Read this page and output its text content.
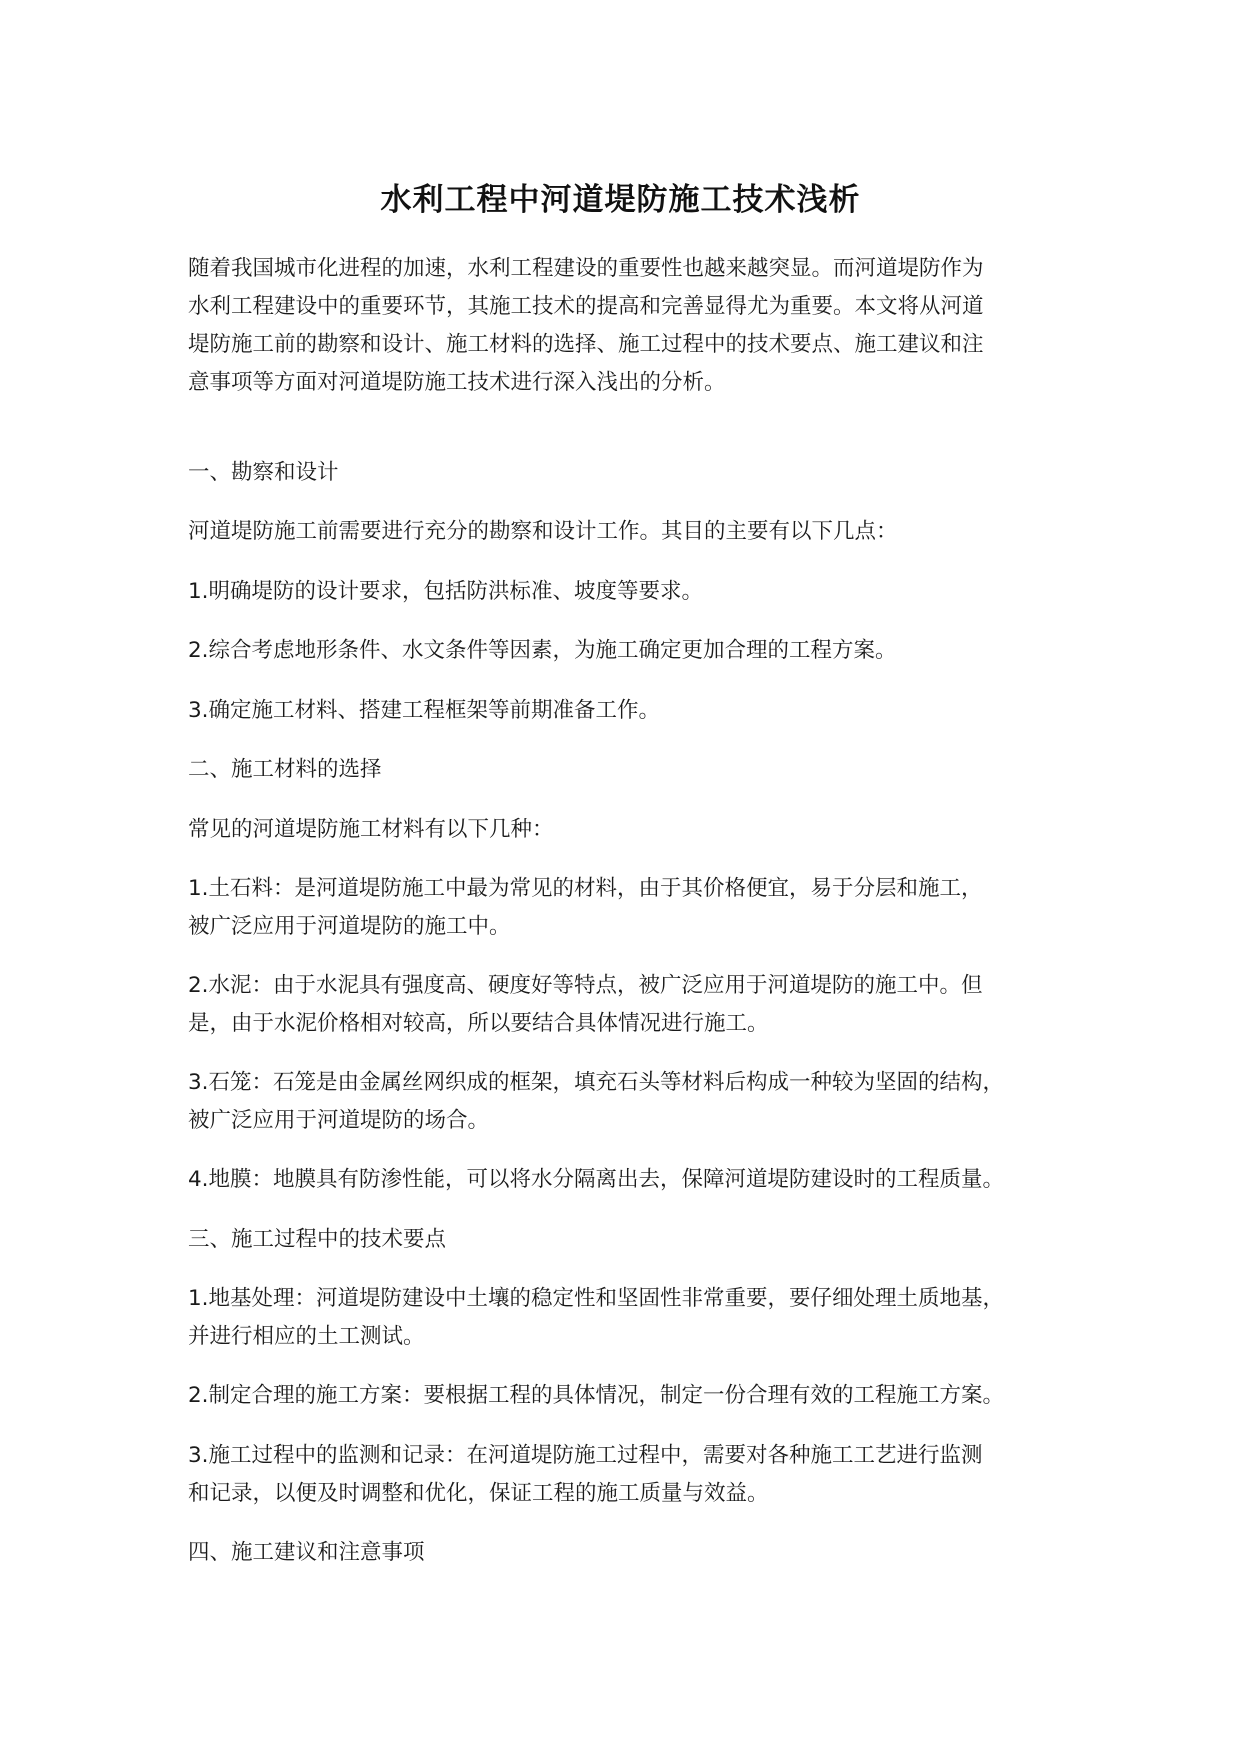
水利工程中河道堤防施工技术浅析
随着我国城市化进程的加速，水利工程建设的重要性也越来越突显。而河道堤防作为
水利工程建设中的重要环节，其施工技术的提高和完善显得尤为重要。本文将从河道
堤防施工前的勘察和设计、施工材料的选择、施工过程中的技术要点、施工建议和注
意事项等方面对河道堤防施工技术进行深入浅出的分析。
一、勘察和设计
河道堤防施工前需要进行充分的勘察和设计工作。其目的主要有以下几点：
1.明确堤防的设计要求，包括防洪标准、坡度等要求。
2.综合考虑地形条件、水文条件等因素，为施工确定更加合理的工程方案。
3.确定施工材料、搭建工程框架等前期准备工作。
二、施工材料的选择
常见的河道堤防施工材料有以下几种：
1.土石料：是河道堤防施工中最为常见的材料，由于其价格便宜，易于分层和施工，
被广泛应用于河道堤防的施工中。
2.水泥：由于水泥具有强度高、硬度好等特点，被广泛应用于河道堤防的施工中。但
是，由于水泥价格相对较高，所以要结合具体情况进行施工。
3.石笼：石笼是由金属丝网织成的框架，填充石头等材料后构成一种较为坚固的结构，
被广泛应用于河道堤防的场合。
4.地膜：地膜具有防渗性能，可以将水分隔离出去，保障河道堤防建设时的工程质量。
三、施工过程中的技术要点
1.地基处理：河道堤防建设中土壤的稳定性和坚固性非常重要，要仔细处理土质地基，
并进行相应的土工测试。
2.制定合理的施工方案：要根据工程的具体情况，制定一份合理有效的工程施工方案。
3.施工过程中的监测和记录：在河道堤防施工过程中，需要对各种施工工艺进行监测
和记录，以便及时调整和优化，保证工程的施工质量与效益。
四、施工建议和注意事项
